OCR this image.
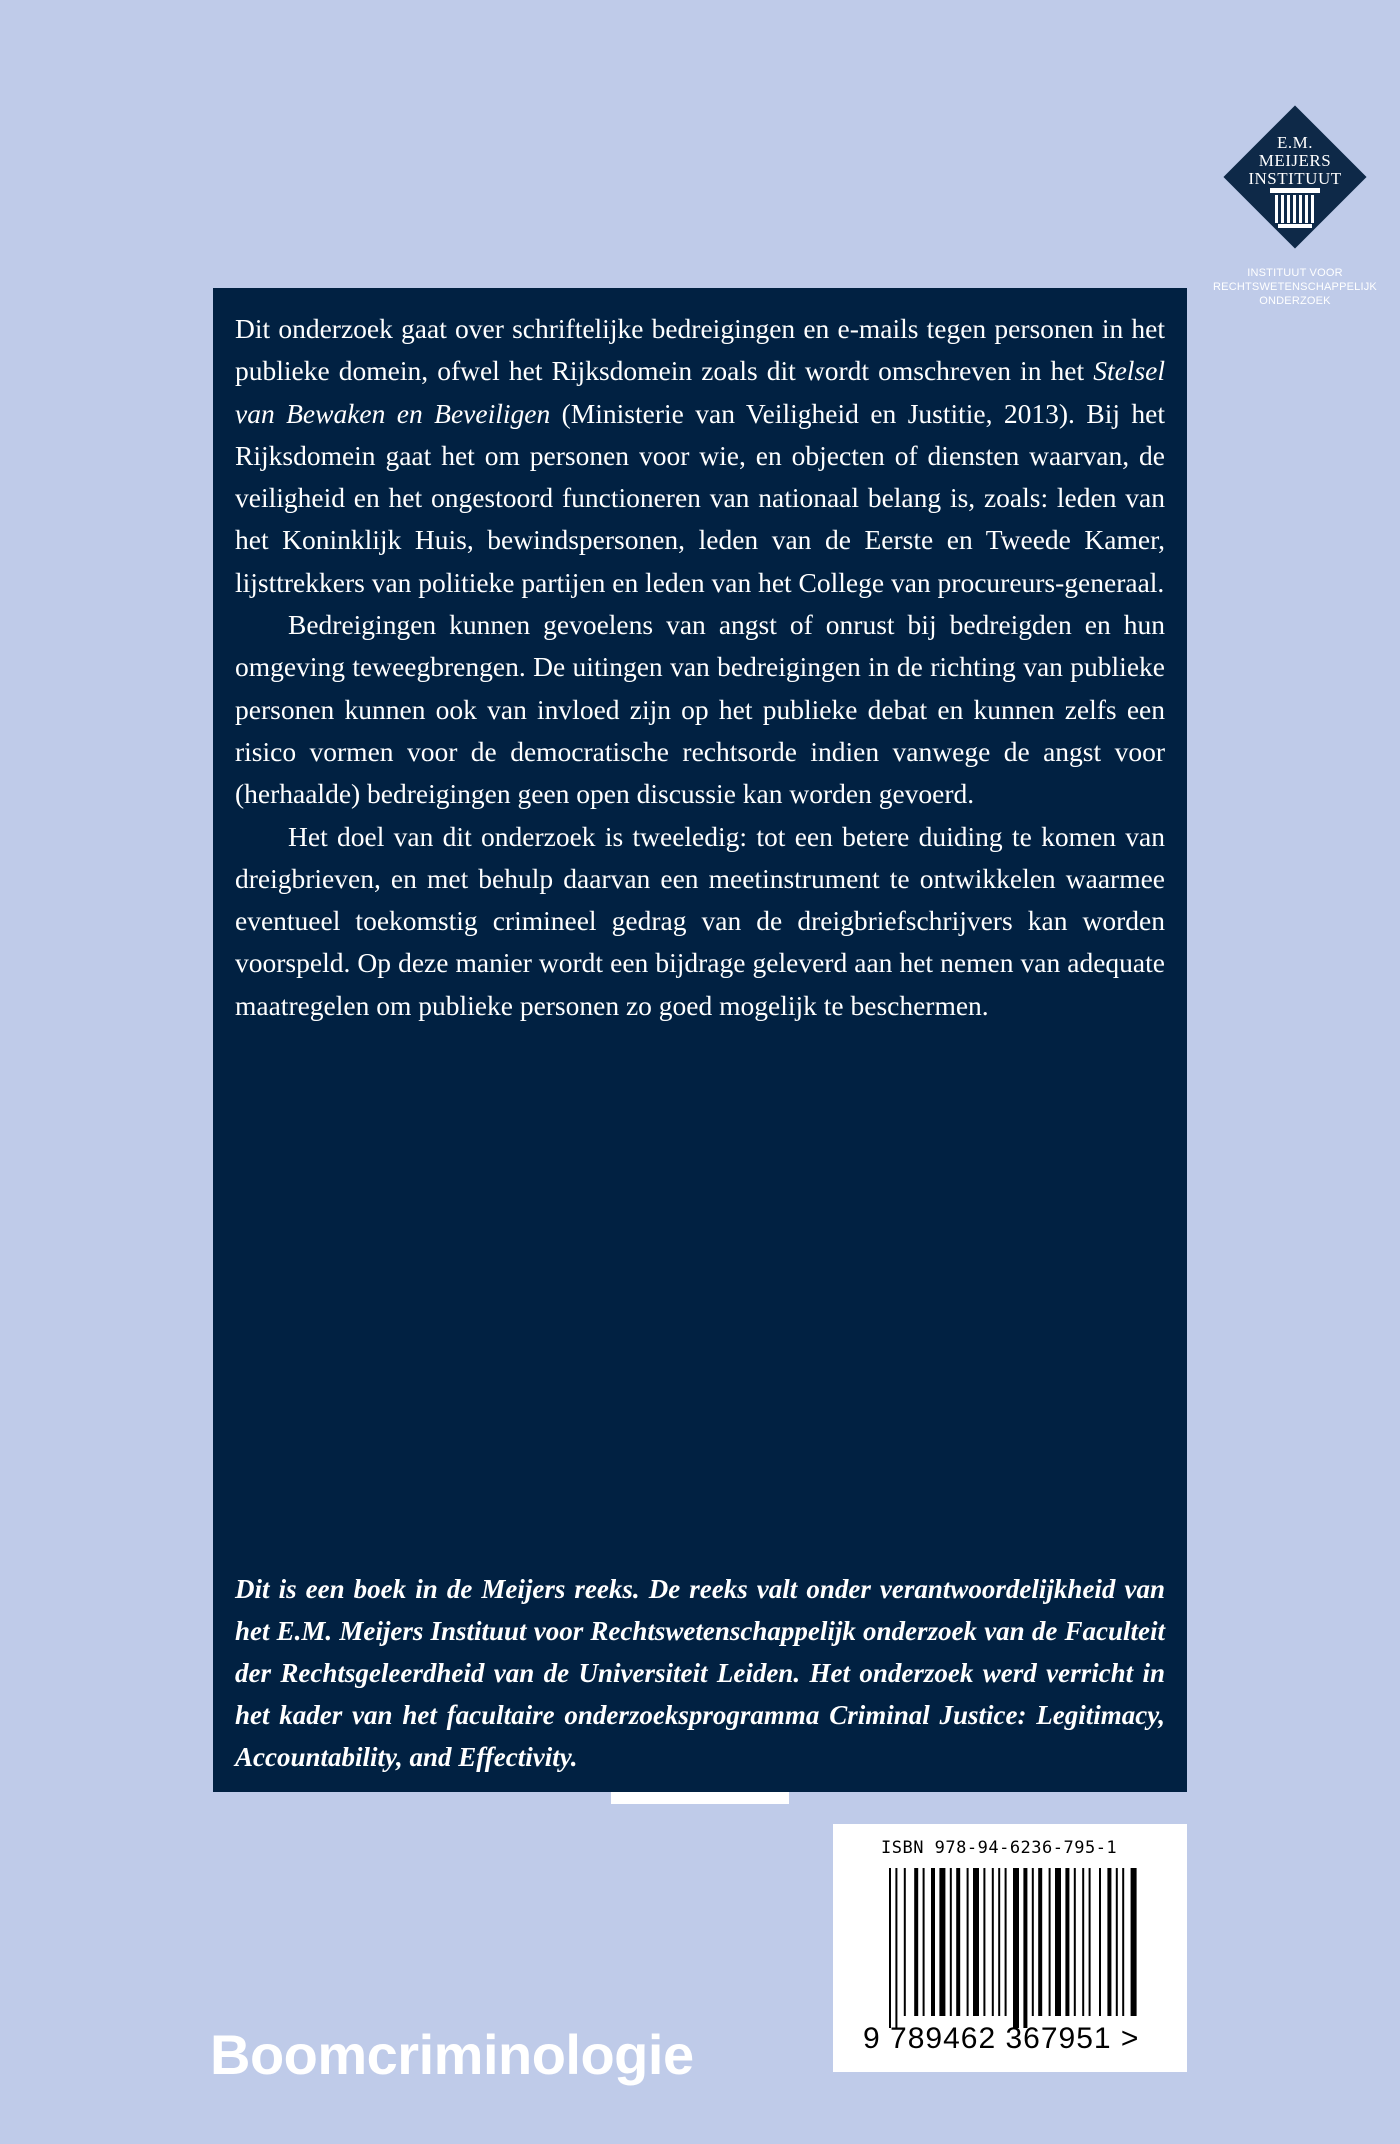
E.M.
MEIJERS
INSTITUUT
INSTITUUT VOOR
RECHTSWETENSCHAPPELIJK
ONDERZOEK

Dit onderzoek gaat over schriftelijke bedreigingen en e-mails tegen personen in het publieke domein, ofwel het Rijksdomein zoals dit wordt omschreven in het Stelsel van Bewaken en Beveiligen (Ministerie van Veiligheid en Justitie, 2013). Bij het Rijksdomein gaat het om personen voor wie, en objecten of diensten waarvan, de veiligheid en het ongestoord functioneren van nationaal belang is, zoals: leden van het Koninklijk Huis, bewindspersonen, leden van de Eerste en Tweede Kamer, lijsttrekkers van politieke partijen en leden van het College van procureurs-generaal.

Bedreigingen kunnen gevoelens van angst of onrust bij bedreigden en hun omgeving teweegbrengen. De uitingen van bedreigingen in de richting van publieke personen kunnen ook van invloed zijn op het publieke debat en kunnen zelfs een risico vormen voor de democratische rechtsorde indien vanwege de angst voor (herhaalde) bedreigingen geen open discussie kan worden gevoerd.

Het doel van dit onderzoek is tweeledig: tot een betere duiding te komen van dreigbrieven, en met behulp daarvan een meetinstrument te ontwikkelen waarmee eventueel toekomstig crimineel gedrag van de dreigbriefschrijvers kan worden voorspeld. Op deze manier wordt een bijdrage geleverd aan het nemen van adequate maatregelen om publieke personen zo goed mogelijk te beschermen.

Dit is een boek in de Meijers reeks. De reeks valt onder verantwoordelijkheid van het E.M. Meijers Instituut voor Rechtswetenschappelijk onderzoek van de Faculteit der Rechtsgeleerdheid van de Universiteit Leiden. Het onderzoek werd verricht in het kader van het facultaire onderzoeksprogramma Criminal Justice: Legitimacy, Accountability, and Effectivity.
ISBN 978-94-6236-795-1
9 789462 367951 >
Boomcriminologie
